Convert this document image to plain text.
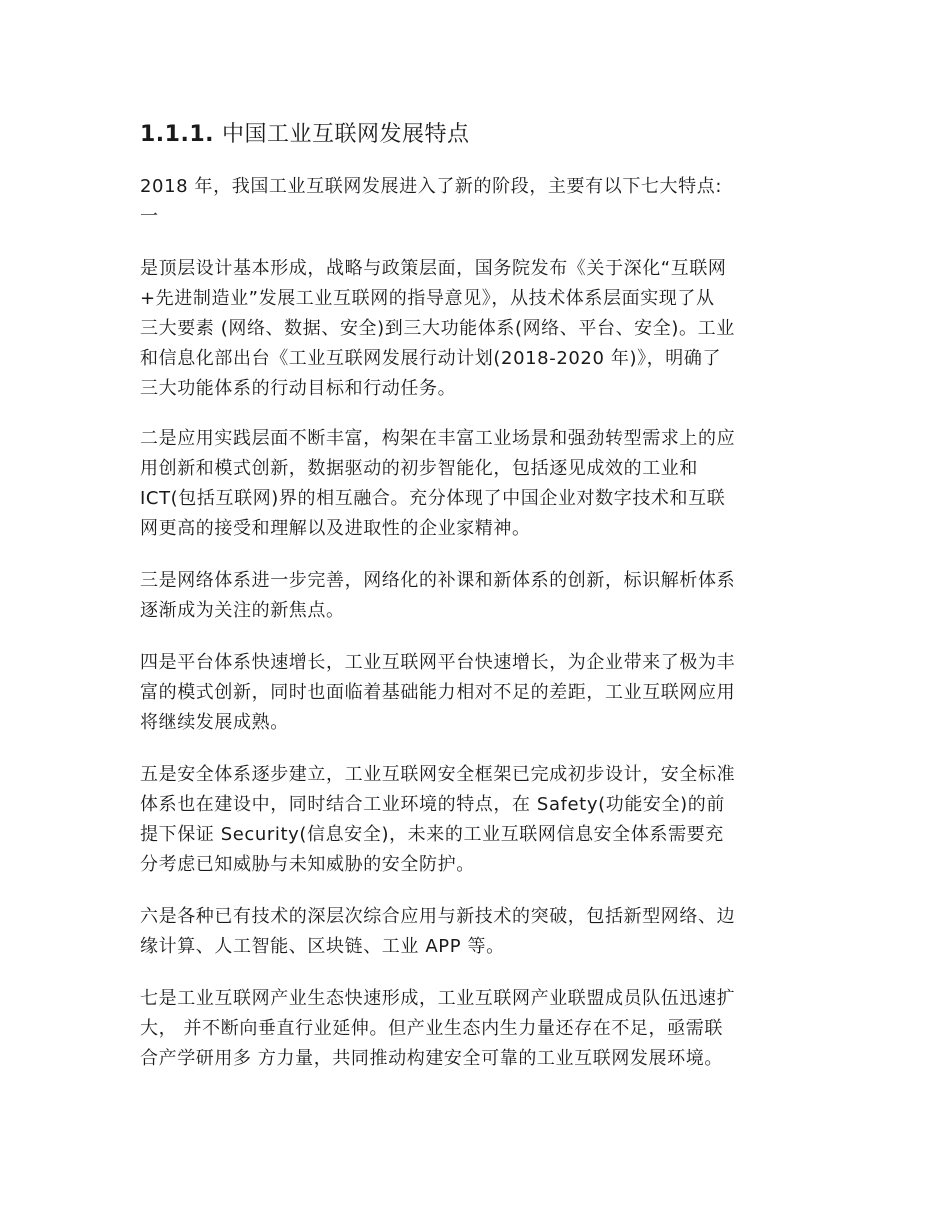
1.1.1. 中国工业互联网发展特点
2018 年，我国工业互联网发展进入了新的阶段，主要有以下七大特点:
一
是顶层设计基本形成，战略与政策层面，国务院发布《关于深化“互联网
+先进制造业”发展工业互联网的指导意见》，从技术体系层面实现了从
三大要素 (网络、数据、安全)到三大功能体系(网络、平台、安全)。工业
和信息化部出台《工业互联网发展行动计划(2018-2020 年)》，明确了
三大功能体系的行动目标和行动任务。
二是应用实践层面不断丰富，构架在丰富工业场景和强劲转型需求上的应
用创新和模式创新，数据驱动的初步智能化，包括逐见成效的工业和
ICT(包括互联网)界的相互融合。充分体现了中国企业对数字技术和互联
网更高的接受和理解以及进取性的企业家精神。
三是网络体系进一步完善，网络化的补课和新体系的创新，标识解析体系
逐渐成为关注的新焦点。
四是平台体系快速增长，工业互联网平台快速增长，为企业带来了极为丰
富的模式创新，同时也面临着基础能力相对不足的差距，工业互联网应用
将继续发展成熟。
五是安全体系逐步建立，工业互联网安全框架已完成初步设计，安全标准
体系也在建设中，同时结合工业环境的特点，在 Safety(功能安全)的前
提下保证 Security(信息安全)，未来的工业互联网信息安全体系需要充
分考虑已知威胁与未知威胁的安全防护。
六是各种已有技术的深层次综合应用与新技术的突破，包括新型网络、边
缘计算、人工智能、区块链、工业 APP 等。
七是工业互联网产业生态快速形成，工业互联网产业联盟成员队伍迅速扩
大， 并不断向垂直行业延伸。但产业生态内生力量还存在不足，亟需联
合产学研用多 方力量，共同推动构建安全可靠的工业互联网发展环境。
